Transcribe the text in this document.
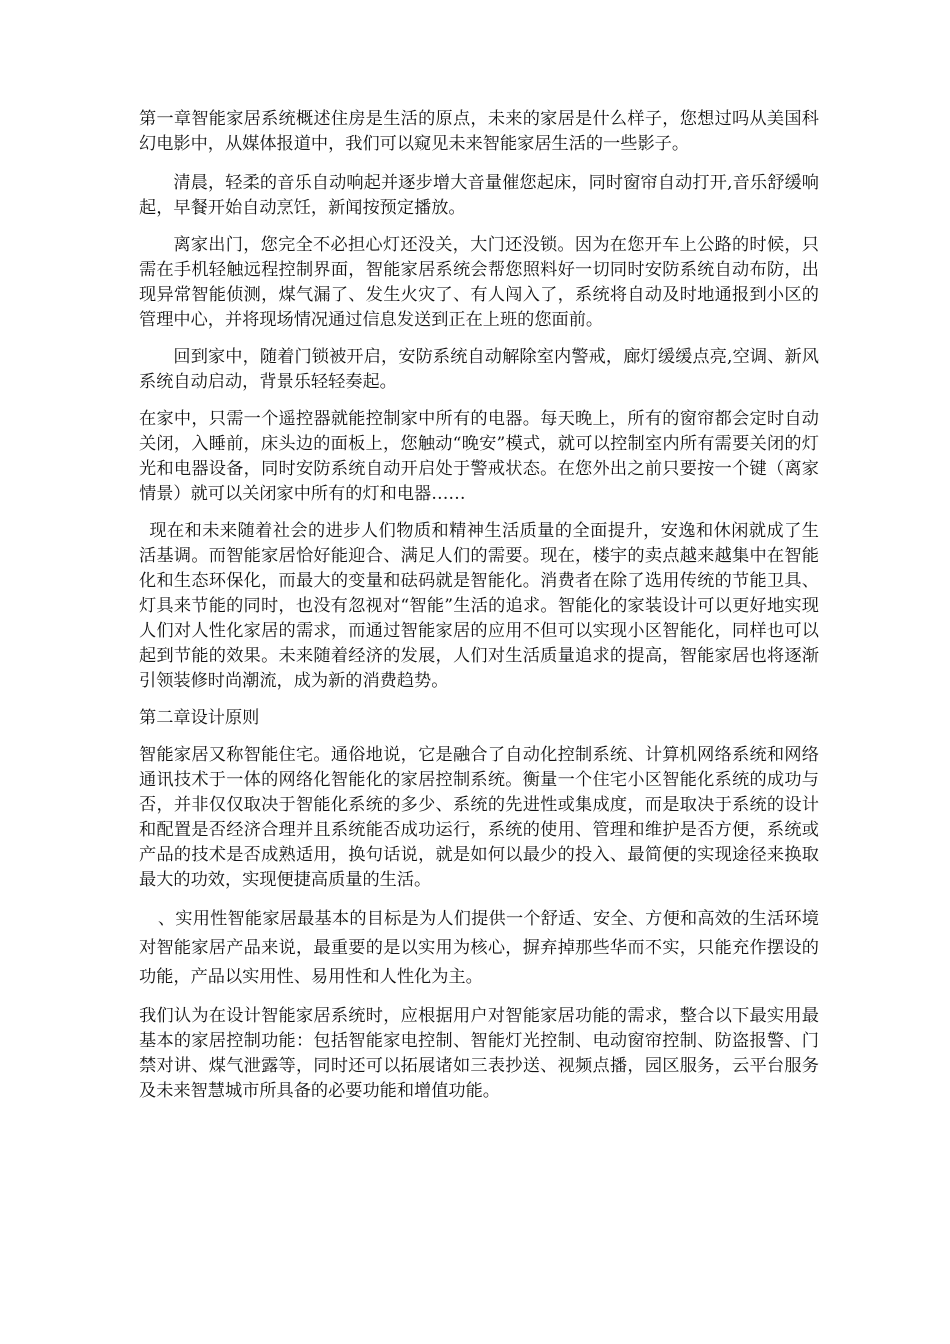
第一章智能家居系统概述住房是生活的原点，未来的家居是什么样子，您想过吗从美国科幻电影中，从媒体报道中，我们可以窥见未来智能家居生活的一些影子。

清晨，轻柔的音乐自动响起并逐步增大音量催您起床，同时窗帘自动打开,音乐舒缓响起，早餐开始自动烹饪，新闻按预定播放。

离家出门，您完全不必担心灯还没关，大门还没锁。因为在您开车上公路的时候，只需在手机轻触远程控制界面，智能家居系统会帮您照料好一切同时安防系统自动布防，出现异常智能侦测，煤气漏了、发生火灾了、有人闯入了，系统将自动及时地通报到小区的管理中心，并将现场情况通过信息发送到正在上班的您面前。

回到家中，随着门锁被开启，安防系统自动解除室内警戒，廊灯缓缓点亮,空调、新风系统自动启动，背景乐轻轻奏起。

在家中，只需一个遥控器就能控制家中所有的电器。每天晚上，所有的窗帘都会定时自动关闭，入睡前，床头边的面板上，您触动“晚安”模式，就可以控制室内所有需要关闭的灯光和电器设备，同时安防系统自动开启处于警戒状态。在您外出之前只要按一个键（离家情景）就可以关闭家中所有的灯和电器……

现在和未来随着社会的进步人们物质和精神生活质量的全面提升，安逸和休闲就成了生活基调。而智能家居恰好能迎合、满足人们的需要。现在，楼宇的卖点越来越集中在智能化和生态环保化，而最大的变量和砝码就是智能化。消费者在除了选用传统的节能卫具、灯具来节能的同时，也没有忽视对“智能”生活的追求。智能化的家装设计可以更好地实现人们对人性化家居的需求，而通过智能家居的应用不但可以实现小区智能化，同样也可以起到节能的效果。未来随着经济的发展，人们对生活质量追求的提高，智能家居也将逐渐引领装修时尚潮流，成为新的消费趋势。

第二章设计原则

智能家居又称智能住宅。通俗地说，它是融合了自动化控制系统、计算机网络系统和网络通讯技术于一体的网络化智能化的家居控制系统。衡量一个住宅小区智能化系统的成功与否，并非仅仅取决于智能化系统的多少、系统的先进性或集成度，而是取决于系统的设计和配置是否经济合理并且系统能否成功运行，系统的使用、管理和维护是否方便，系统或产品的技术是否成熟适用，换句话说，就是如何以最少的投入、最简便的实现途径来换取最大的功效，实现便捷高质量的生活。

、实用性智能家居最基本的目标是为人们提供一个舒适、安全、方便和高效的生活环境对智能家居产品来说，最重要的是以实用为核心，摒弃掉那些华而不实，只能充作摆设的功能，产品以实用性、易用性和人性化为主。

我们认为在设计智能家居系统时，应根据用户对智能家居功能的需求，整合以下最实用最基本的家居控制功能：包括智能家电控制、智能灯光控制、电动窗帘控制、防盗报警、门禁对讲、煤气泄露等，同时还可以拓展诸如三表抄送、视频点播，园区服务，云平台服务及未来智慧城市所具备的必要功能和增值功能。
